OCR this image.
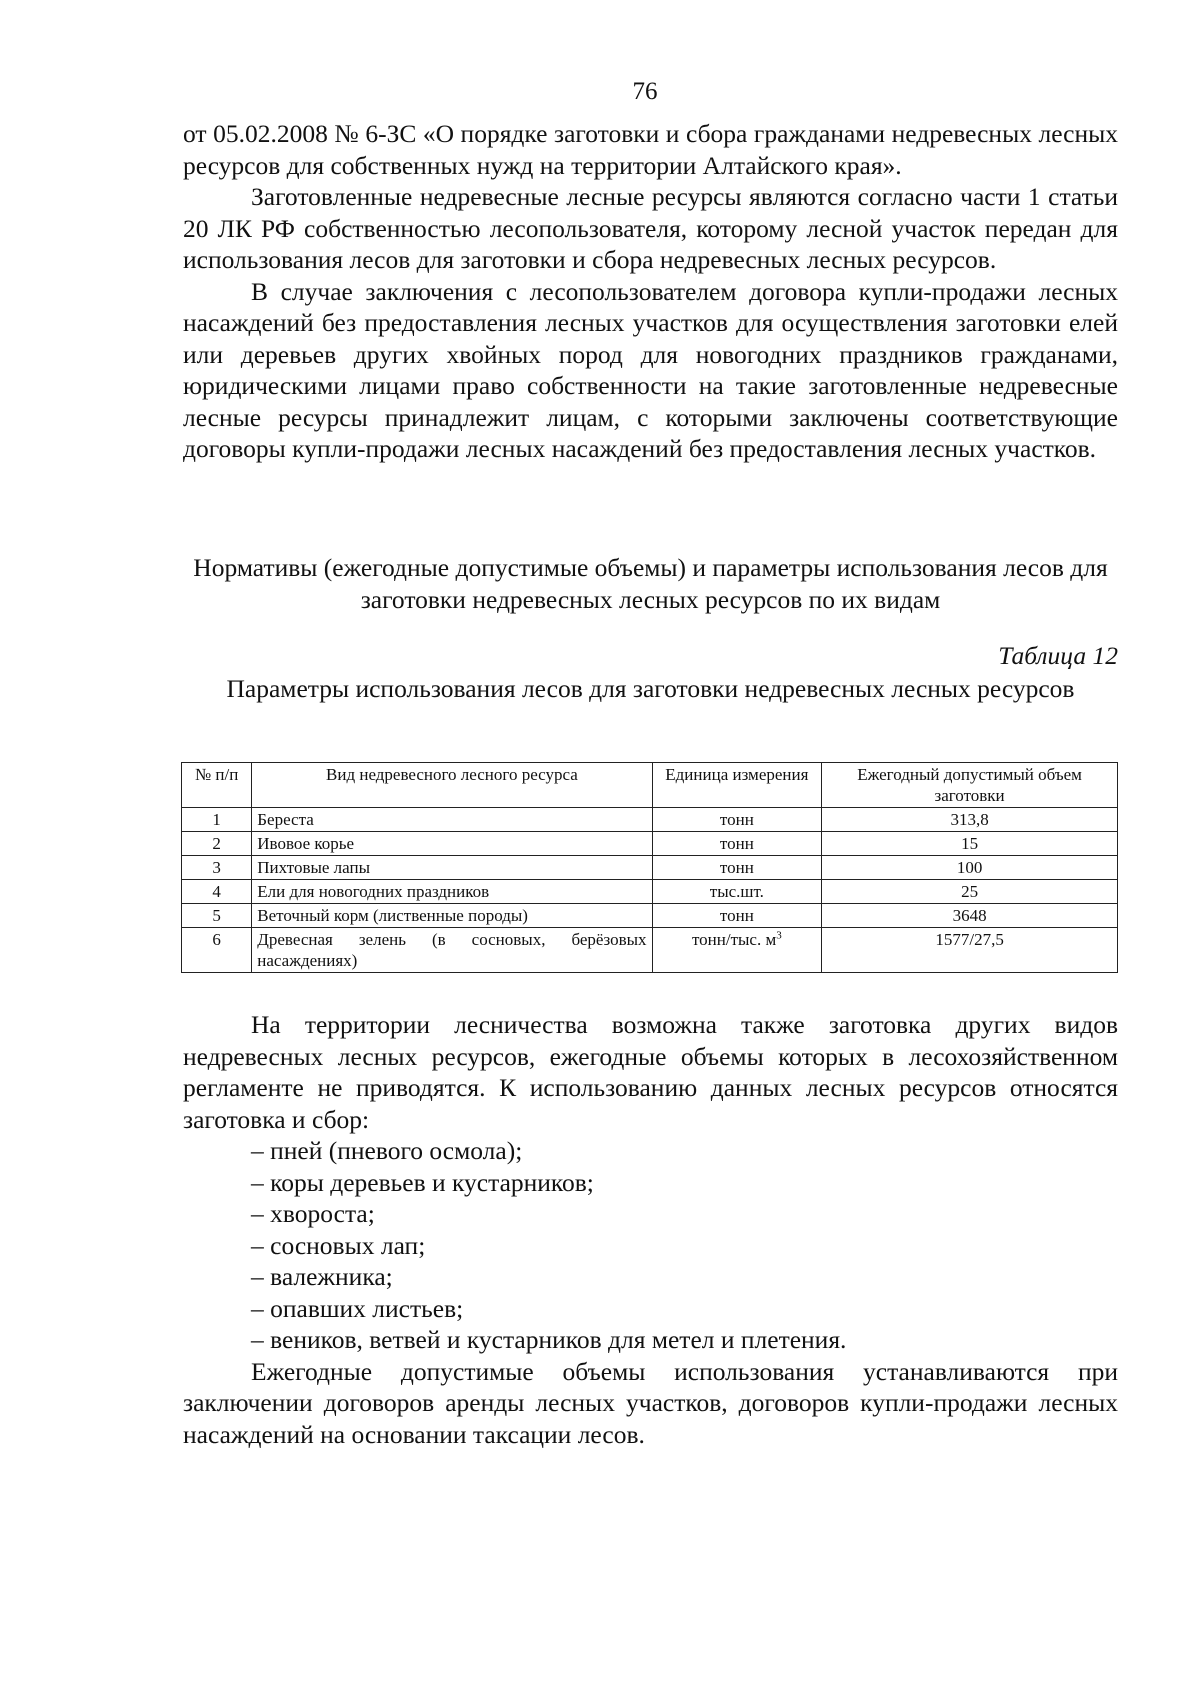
76

от 05.02.2008 № 6-ЗС «О порядке заготовки и сбора гражданами недревесных лесных ресурсов для собственных нужд на территории Алтайского края».

Заготовленные недревесные лесные ресурсы являются согласно части 1 статьи 20 ЛК РФ собственностью лесопользователя, которому лесной участок передан для использования лесов для заготовки и сбора недревесных лесных ресурсов.

В случае заключения с лесопользователем договора купли-продажи лесных насаждений без предоставления лесных участков для осуществления заготовки елей или деревьев других хвойных пород для новогодних праздников гражданами, юридическими лицами право собственности на такие заготовленные недревесные лесные ресурсы принадлежит лицам, с которыми заключены соответствующие договоры купли-продажи лесных насаждений без предоставления лесных участков.

Нормативы (ежегодные допустимые объемы) и параметры использования лесов для заготовки недревесных лесных ресурсов по их видам
Таблица 12
Параметры использования лесов для заготовки недревесных лесных ресурсов
№ п/п	Вид недревесного лесного ресурса	Единица измерения	Ежегодный допустимый объем заготовки
1	Береста	тонн	313,8
2	Ивовое корье	тонн	15
3	Пихтовые лапы	тонн	100
4	Ели для новогодних праздников	тыс.шт.	25
5	Веточный корм (лиственные породы)	тонн	3648
6	Древесная зелень (в сосновых, берёзовых насаждениях)	тонн/тыс. $м^3$	1577/27,5

На территории лесничества возможна также заготовка других видов недревесных лесных ресурсов, ежегодные объемы которых в лесохозяйственном регламенте не приводятся. К использованию данных лесных ресурсов относятся заготовка и сбор:

– пней (пневого осмола);
– коры деревьев и кустарников;
– хвороста;
– сосновых лап;
– валежника;
– опавших листьев;
– веников, ветвей и кустарников для метел и плетения.

Ежегодные допустимые объемы использования устанавливаются при заключении договоров аренды лесных участков, договоров купли-продажи лесных насаждений на основании таксации лесов.
